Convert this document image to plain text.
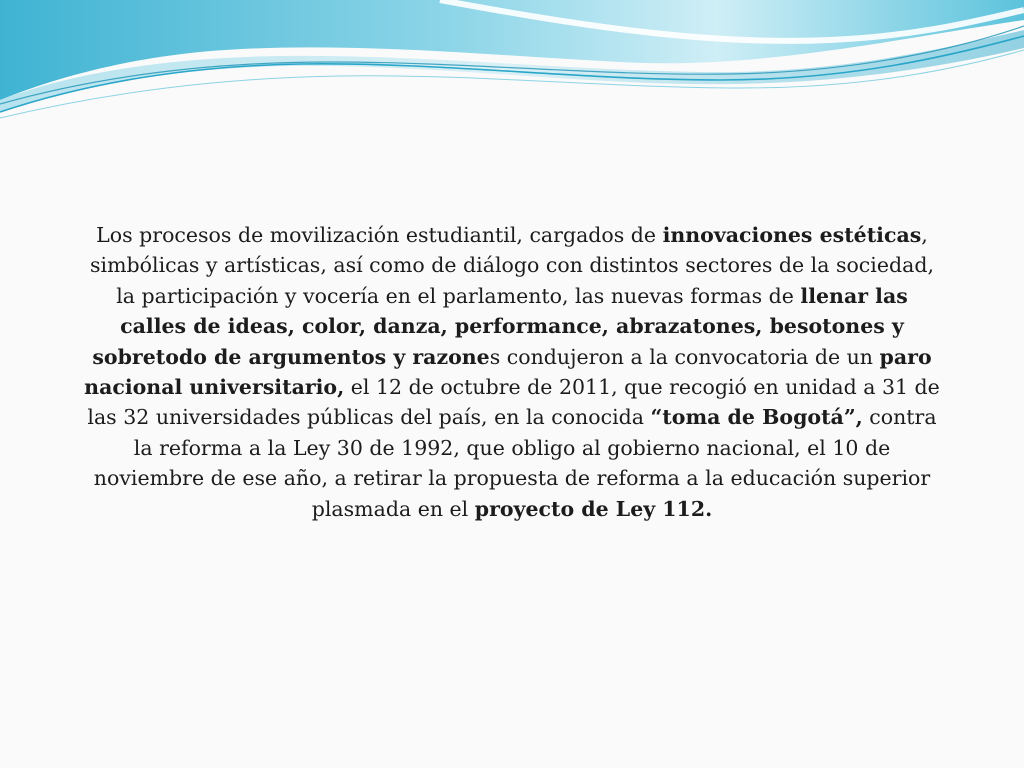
Los procesos de movilización estudiantil, cargados de innovaciones estéticas, simbólicas y artísticas, así como de diálogo con distintos sectores de la sociedad, la participación y vocería en el parlamento, las nuevas formas de llenar las calles de ideas, color, danza, performance, abrazatones, besotones y sobretodo de argumentos y razones condujeron a la convocatoria de un paro nacional universitario, el 12 de octubre de 2011, que recogió en unidad a 31 de las 32 universidades públicas del país, en la conocida “toma de Bogotá”, contra la reforma a la Ley 30 de 1992, que obligo al gobierno nacional, el 10 de noviembre de ese año, a retirar la propuesta de reforma a la educación superior plasmada en el proyecto de Ley 112.
